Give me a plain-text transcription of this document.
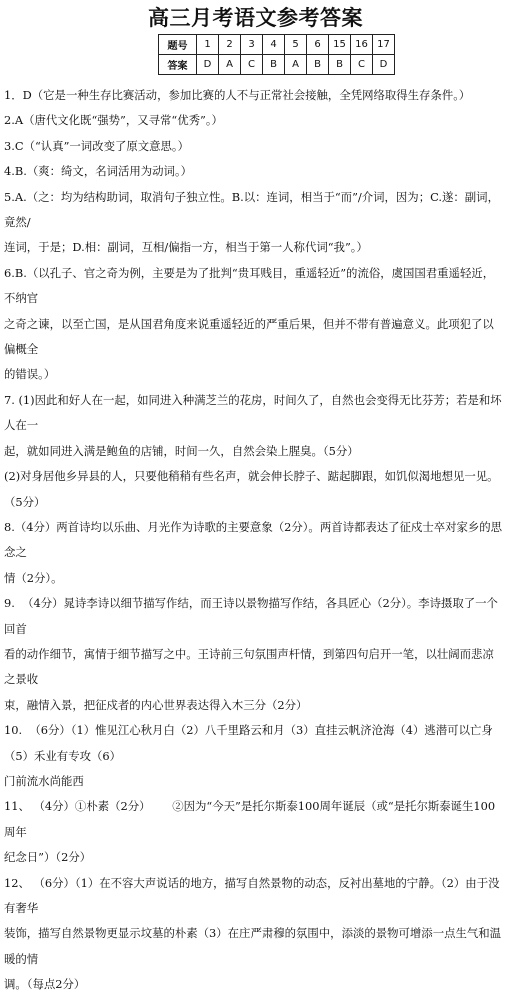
高三月考语文参考答案
题号	1	2	3	4	5	6	15	16	17
答案	D	A	C	B	A	B	B	C	D

1．D（它是一种生存比赛活动，参加比赛的人不与正常社会接触，全凭网络取得生存条件。）

2.A（唐代文化既“强势”，又寻常“优秀”。）

3.C（“认真”一词改变了原文意思。）

4.B.（爽：绮文，名词活用为动词。）

5.A.（之：均为结构助词，取消句子独立性。B.以：连词，相当于“而”/介词，因为；C.遂：副词，竟然/

连词，于是；D.相：副词，互相/偏指一方，相当于第一人称代词“我”。）

6.B.（以孔子、官之奇为例，主要是为了批判“贵耳贱目，重遥轻近”的流俗，虞国国君重遥轻近，不纳官

之奇之谏，以至亡国，是从国君角度来说重遥轻近的严重后果，但并不带有普遍意义。此项犯了以偏概全

的错误。）

7. (1)因此和好人在一起，如同进入种满芝兰的花房，时间久了，自然也会变得无比芬芳；若是和坏人在一

起，就如同进入满是鲍鱼的店铺，时间一久，自然会染上腥臭。（5分）

(2)对身居他乡异县的人，只要他稍稍有些名声，就会伸长脖子、踮起脚跟，如饥似渴地想见一见。（5分）

8.（4分）两首诗均以乐曲、月光作为诗歌的主要意象（2分）。两首诗都表达了征戍士卒对家乡的思念之

情（2分）。

9.  （4分）晁诗李诗以细节描写作结，而王诗以景物描写作结，各具匠心（2分）。李诗摄取了一个回首

看的动作细节，寓情于细节描写之中。王诗前三句氛围声杆情，到第四句启开一笔，以壮阔而悲凉之景收

束，融情入景，把征戍者的内心世界表达得入木三分（2分）

10.  （6分）（1）惟见江心秋月白（2）八千里路云和月（3）直挂云帆济沧海（4）逃潜可以亡身（5）禾业有专攻（6）

门前流水尚能西

11、 （4分）①朴素（2分）      ②因为“今天”是托尔斯泰100周年诞辰（或“是托尔斯泰诞生100周年

纪念日”）（2分）

12、 （6分）（1）在不容大声说话的地方，描写自然景物的动态，反衬出墓地的宁静。（2）由于没有奢华

装饰，描写自然景物更显示坟墓的朴素（3）在庄严肃穆的氛围中，添淡的景物可增添一点生气和温暖的情

调。（每点2分）
